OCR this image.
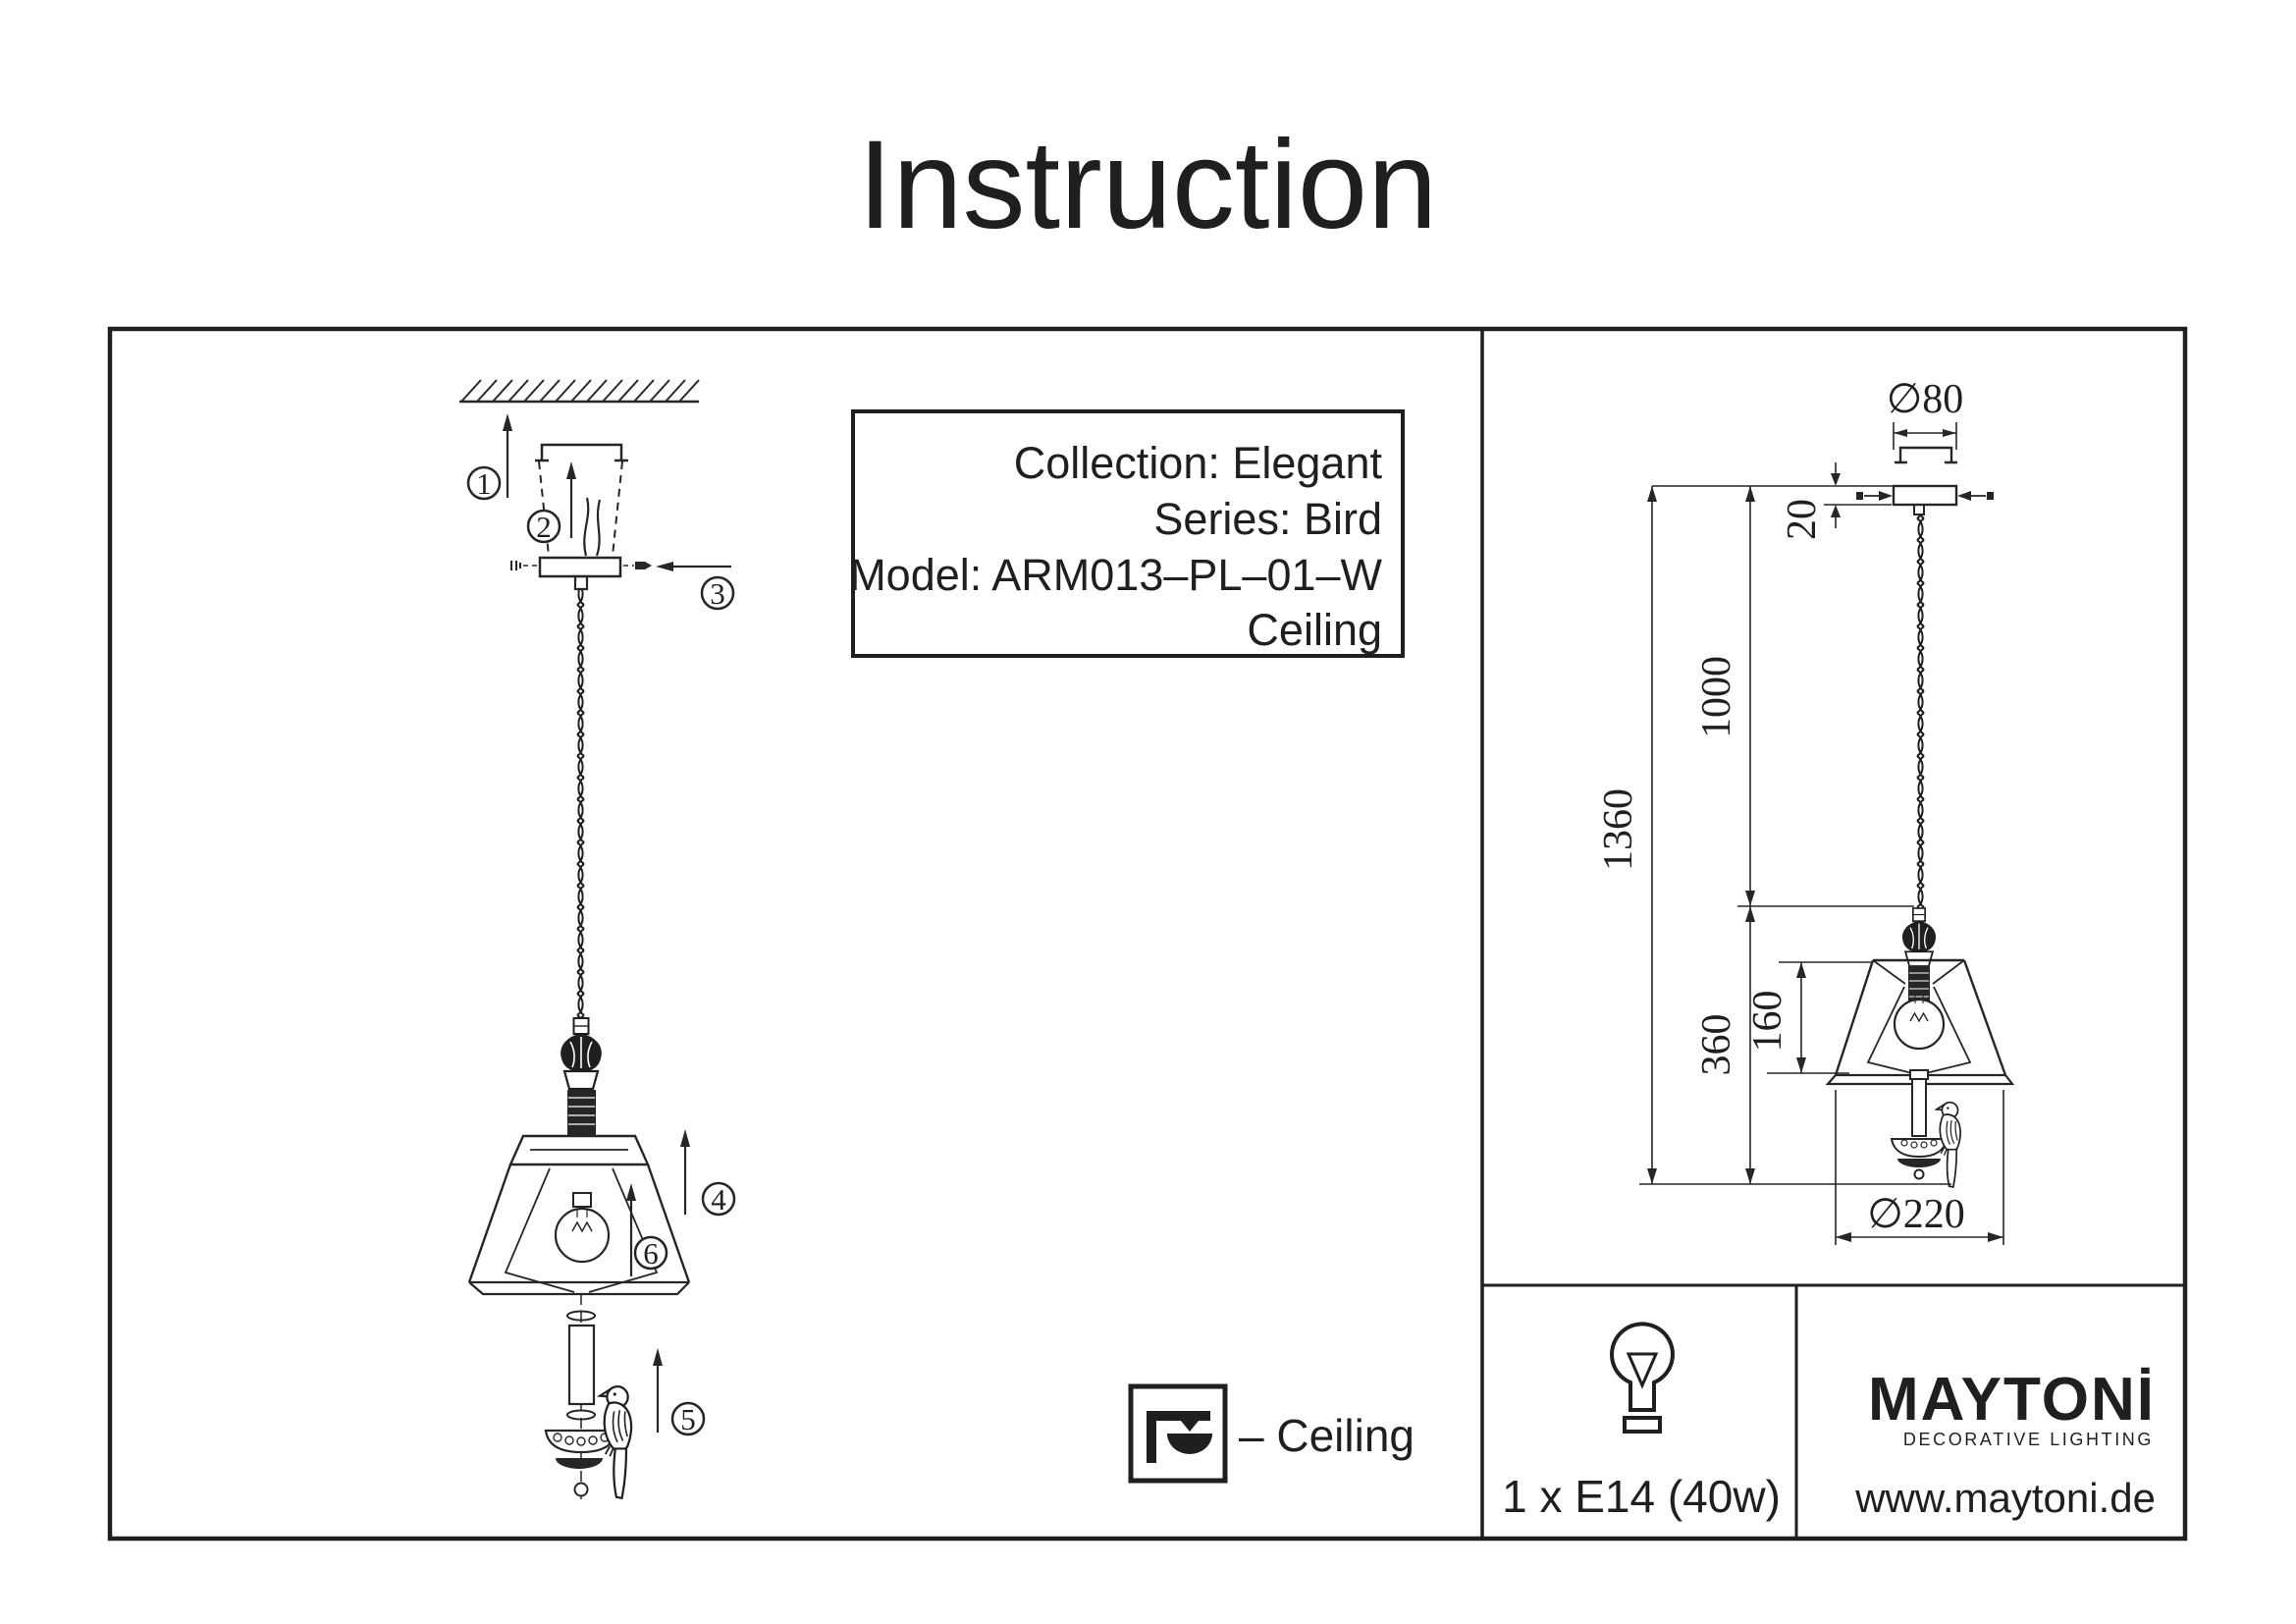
Instruction
Collection: Elegant
Series: Bird
Model: ARM013–PL–01–W
Ceiling
1
2
3
4
6
5
∅80
20
1000
1360
360 160
∅220
– Ceiling
1 x E14 (40w)
MAYTONİ
DECORATIVE LIGHTING
www.maytoni.de
